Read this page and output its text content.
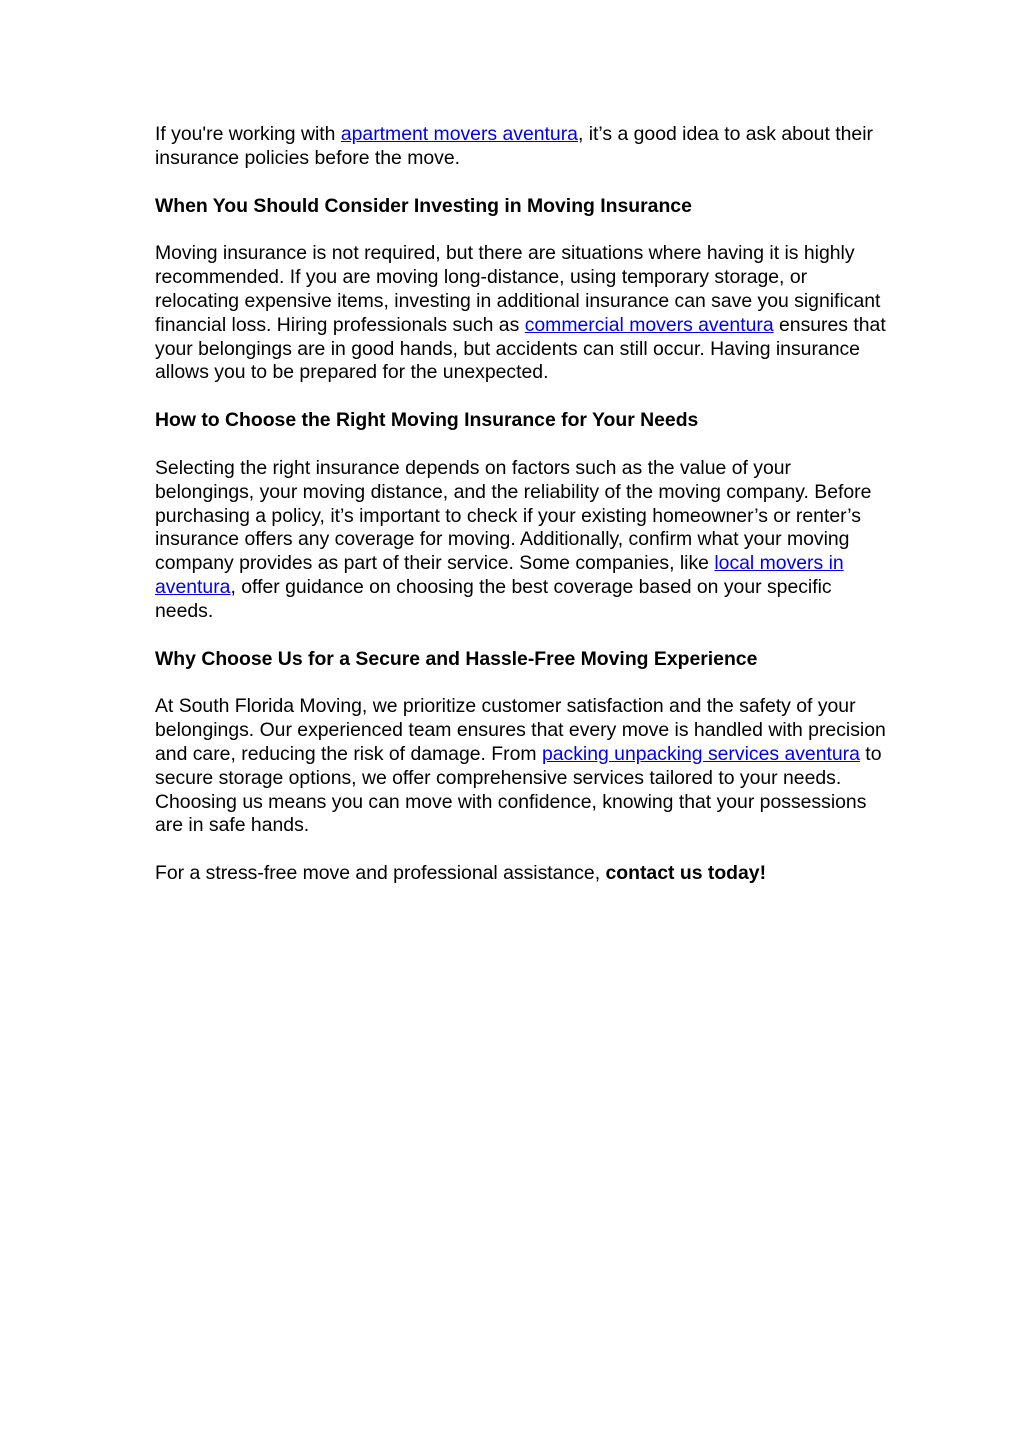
If you're working with apartment movers aventura, it’s a good idea to ask about their insurance policies before the move.

When You Should Consider Investing in Moving Insurance

Moving insurance is not required, but there are situations where having it is highly recommended. If you are moving long-distance, using temporary storage, or relocating expensive items, investing in additional insurance can save you significant financial loss. Hiring professionals such as commercial movers aventura ensures that your belongings are in good hands, but accidents can still occur. Having insurance allows you to be prepared for the unexpected.

How to Choose the Right Moving Insurance for Your Needs

Selecting the right insurance depends on factors such as the value of your belongings, your moving distance, and the reliability of the moving company. Before purchasing a policy, it’s important to check if your existing homeowner’s or renter’s insurance offers any coverage for moving. Additionally, confirm what your moving company provides as part of their service. Some companies, like local movers in aventura, offer guidance on choosing the best coverage based on your specific needs.

Why Choose Us for a Secure and Hassle-Free Moving Experience

At South Florida Moving, we prioritize customer satisfaction and the safety of your belongings. Our experienced team ensures that every move is handled with precision and care, reducing the risk of damage. From packing unpacking services aventura to secure storage options, we offer comprehensive services tailored to your needs. Choosing us means you can move with confidence, knowing that your possessions are in safe hands.

For a stress-free move and professional assistance, contact us today!
